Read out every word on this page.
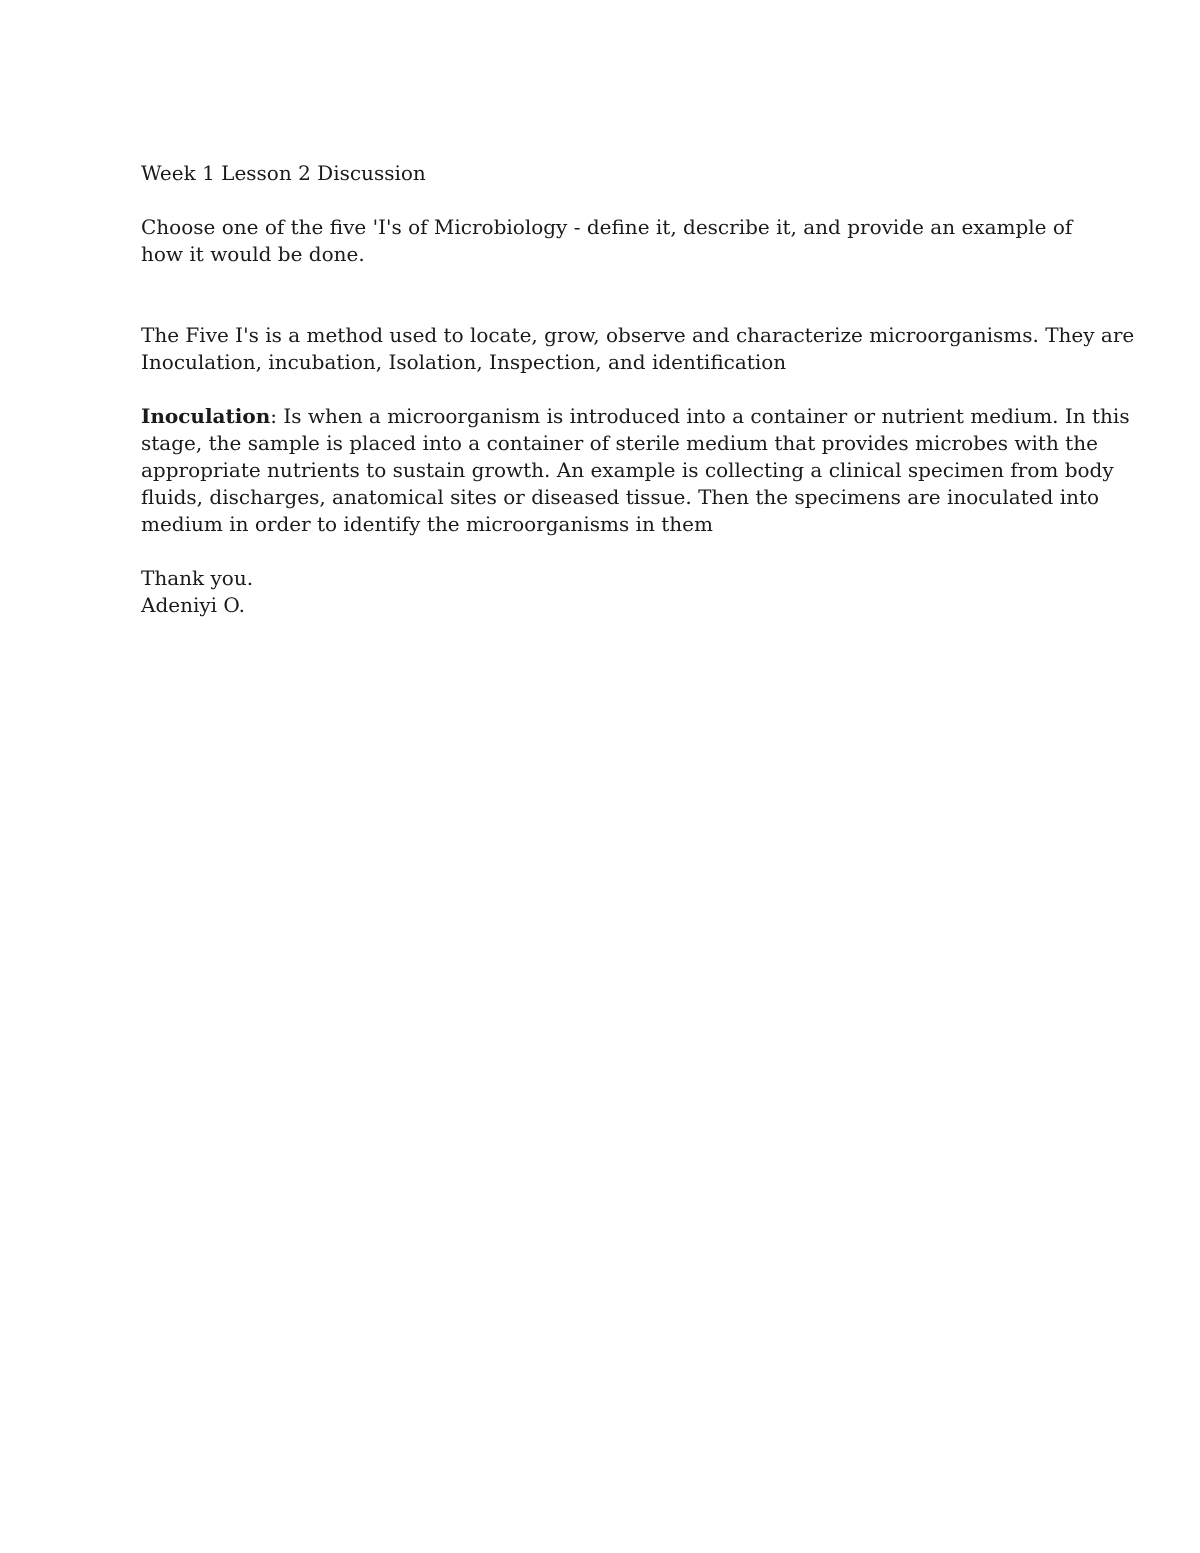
Week 1 Lesson 2 Discussion

Choose one of the five 'I's of Microbiology - define it, describe it, and provide an example of
how it would be done.

The Five I's is a method used to locate, grow, observe and characterize microorganisms. They are
Inoculation, incubation, Isolation, Inspection, and identification

Inoculation: Is when a microorganism is introduced into a container or nutrient medium. In this
stage, the sample is placed into a container of sterile medium that provides microbes with the
appropriate nutrients to sustain growth. An example is collecting a clinical specimen from body
fluids, discharges, anatomical sites or diseased tissue. Then the specimens are inoculated into
medium in order to identify the microorganisms in them

Thank you.
Adeniyi O.
